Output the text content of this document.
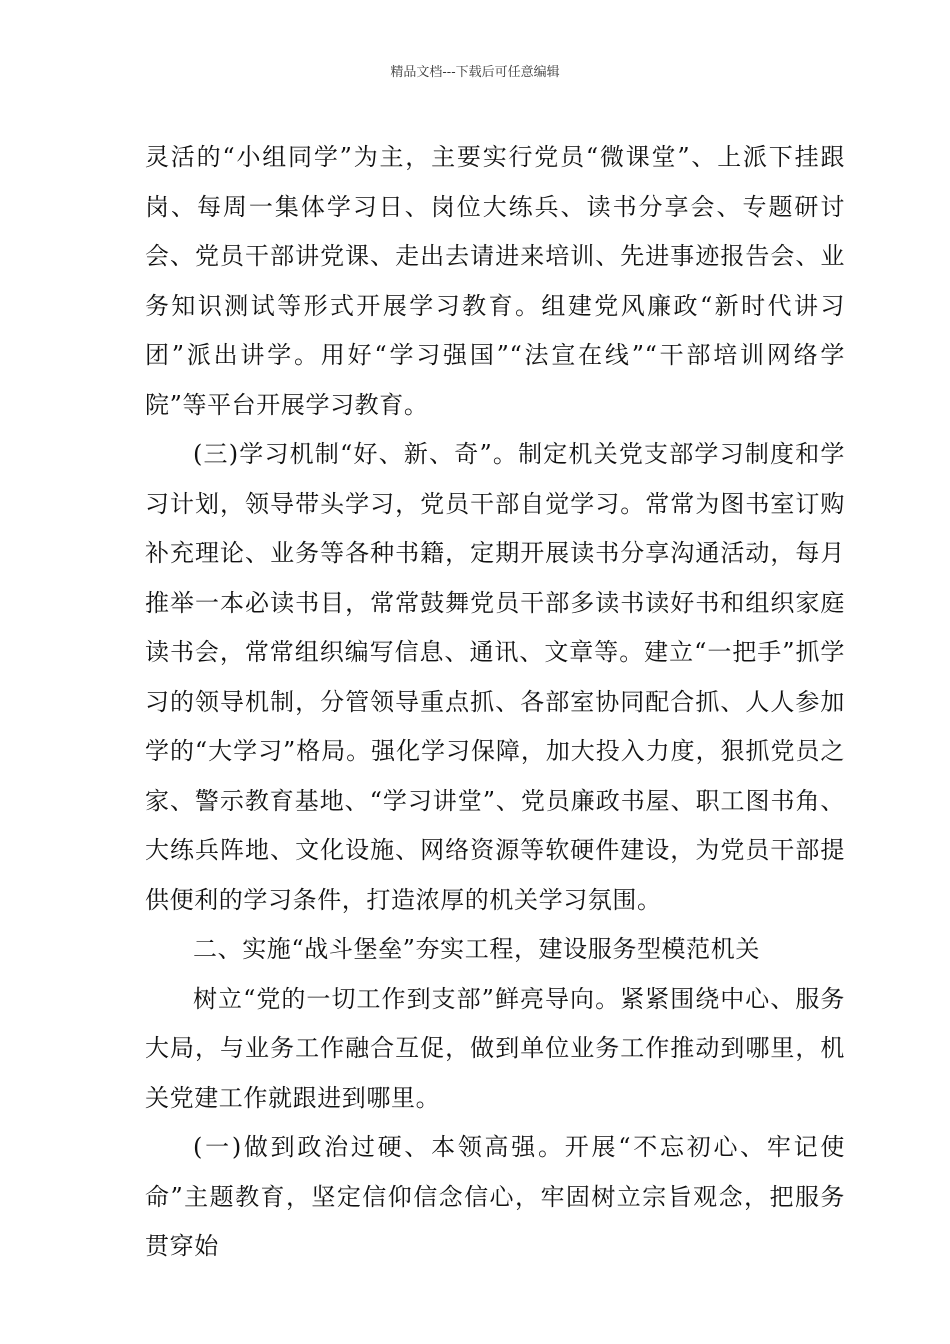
精品文档---下载后可任意编辑

灵活的“小组同学”为主，主要实行党员“微课堂”、上派下挂跟岗、每周一集体学习日、岗位大练兵、读书分享会、专题研讨会、党员干部讲党课、走出去请进来培训、先进事迹报告会、业务知识测试等形式开展学习教育。组建党风廉政“新时代讲习团”派出讲学。用好“学习强国”“法宣在线”“干部培训网络学院”等平台开展学习教育。

(三)学习机制“好、新、奇”。制定机关党支部学习制度和学习计划，领导带头学习，党员干部自觉学习。常常为图书室订购补充理论、业务等各种书籍，定期开展读书分享沟通活动，每月推举一本必读书目，常常鼓舞党员干部多读书读好书和组织家庭读书会，常常组织编写信息、通讯、文章等。建立“一把手”抓学习的领导机制，分管领导重点抓、各部室协同配合抓、人人参加学的“大学习”格局。强化学习保障，加大投入力度，狠抓党员之家、警示教育基地、“学习讲堂”、党员廉政书屋、职工图书角、大练兵阵地、文化设施、网络资源等软硬件建设，为党员干部提供便利的学习条件，打造浓厚的机关学习氛围。

二、实施“战斗堡垒”夯实工程，建设服务型模范机关

树立“党的一切工作到支部”鲜亮导向。紧紧围绕中心、服务大局，与业务工作融合互促，做到单位业务工作推动到哪里，机关党建工作就跟进到哪里。

(一)做到政治过硬、本领高强。开展“不忘初心、牢记使命”主题教育，坚定信仰信念信心，牢固树立宗旨观念，把服务贯穿始
